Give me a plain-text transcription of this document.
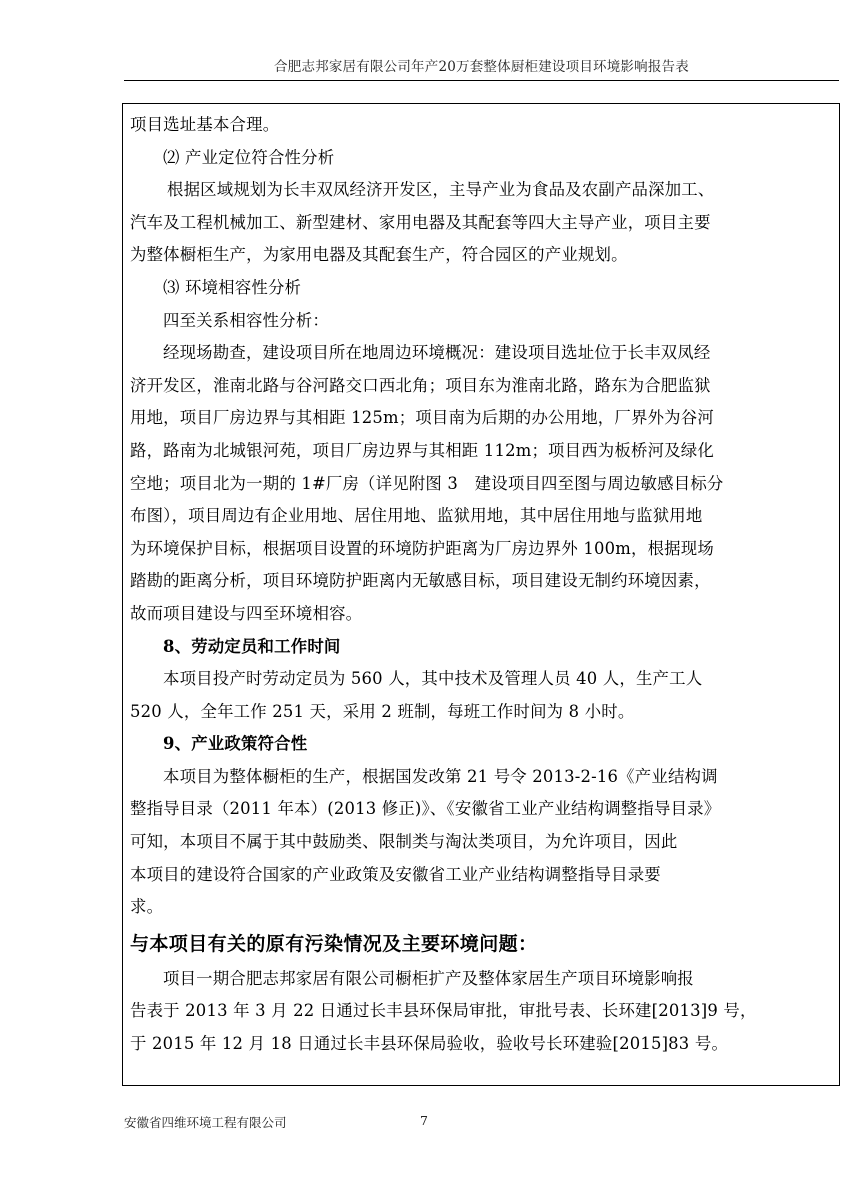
合肥志邦家居有限公司年产20万套整体厨柜建设项目环境影响报告表

项目选址基本合理。

⑵ 产业定位符合性分析

根据区域规划为长丰双凤经济开发区，主导产业为食品及农副产品深加工、

汽车及工程机械加工、新型建材、家用电器及其配套等四大主导产业，项目主要

为整体橱柜生产，为家用电器及其配套生产，符合园区的产业规划。

⑶ 环境相容性分析

四至关系相容性分析：

经现场勘查，建设项目所在地周边环境概况：建设项目选址位于长丰双凤经

济开发区，淮南北路与谷河路交口西北角；项目东为淮南北路，路东为合肥监狱

用地，项目厂房边界与其相距 125m；项目南为后期的办公用地，厂界外为谷河

路，路南为北城银河苑，项目厂房边界与其相距 112m；项目西为板桥河及绿化

空地；项目北为一期的 1#厂房（详见附图 3　建设项目四至图与周边敏感目标分

布图），项目周边有企业用地、居住用地、监狱用地，其中居住用地与监狱用地

为环境保护目标，根据项目设置的环境防护距离为厂房边界外 100m，根据现场

踏勘的距离分析，项目环境防护距离内无敏感目标，项目建设无制约环境因素，

故而项目建设与四至环境相容。

8、劳动定员和工作时间

本项目投产时劳动定员为 560 人，其中技术及管理人员 40 人，生产工人

520 人，全年工作 251 天，采用 2 班制，每班工作时间为 8 小时。

9、产业政策符合性

本项目为整体橱柜的生产，根据国发改第 21 号令 2013-2-16《产业结构调

整指导目录（2011 年本）(2013 修正)》、《安徽省工业产业结构调整指导目录》

可知，本项目不属于其中鼓励类、限制类与淘汰类项目，为允许项目，因此

本项目的建设符合国家的产业政策及安徽省工业产业结构调整指导目录要

求。

与本项目有关的原有污染情况及主要环境问题：

项目一期合肥志邦家居有限公司橱柜扩产及整体家居生产项目环境影响报

告表于 2013 年 3 月 22 日通过长丰县环保局审批，审批号表、长环建[2013]9 号，

于 2015 年 12 月 18 日通过长丰县环保局验收，验收号长环建验[2015]83 号。

安徽省四维环境工程有限公司	7
